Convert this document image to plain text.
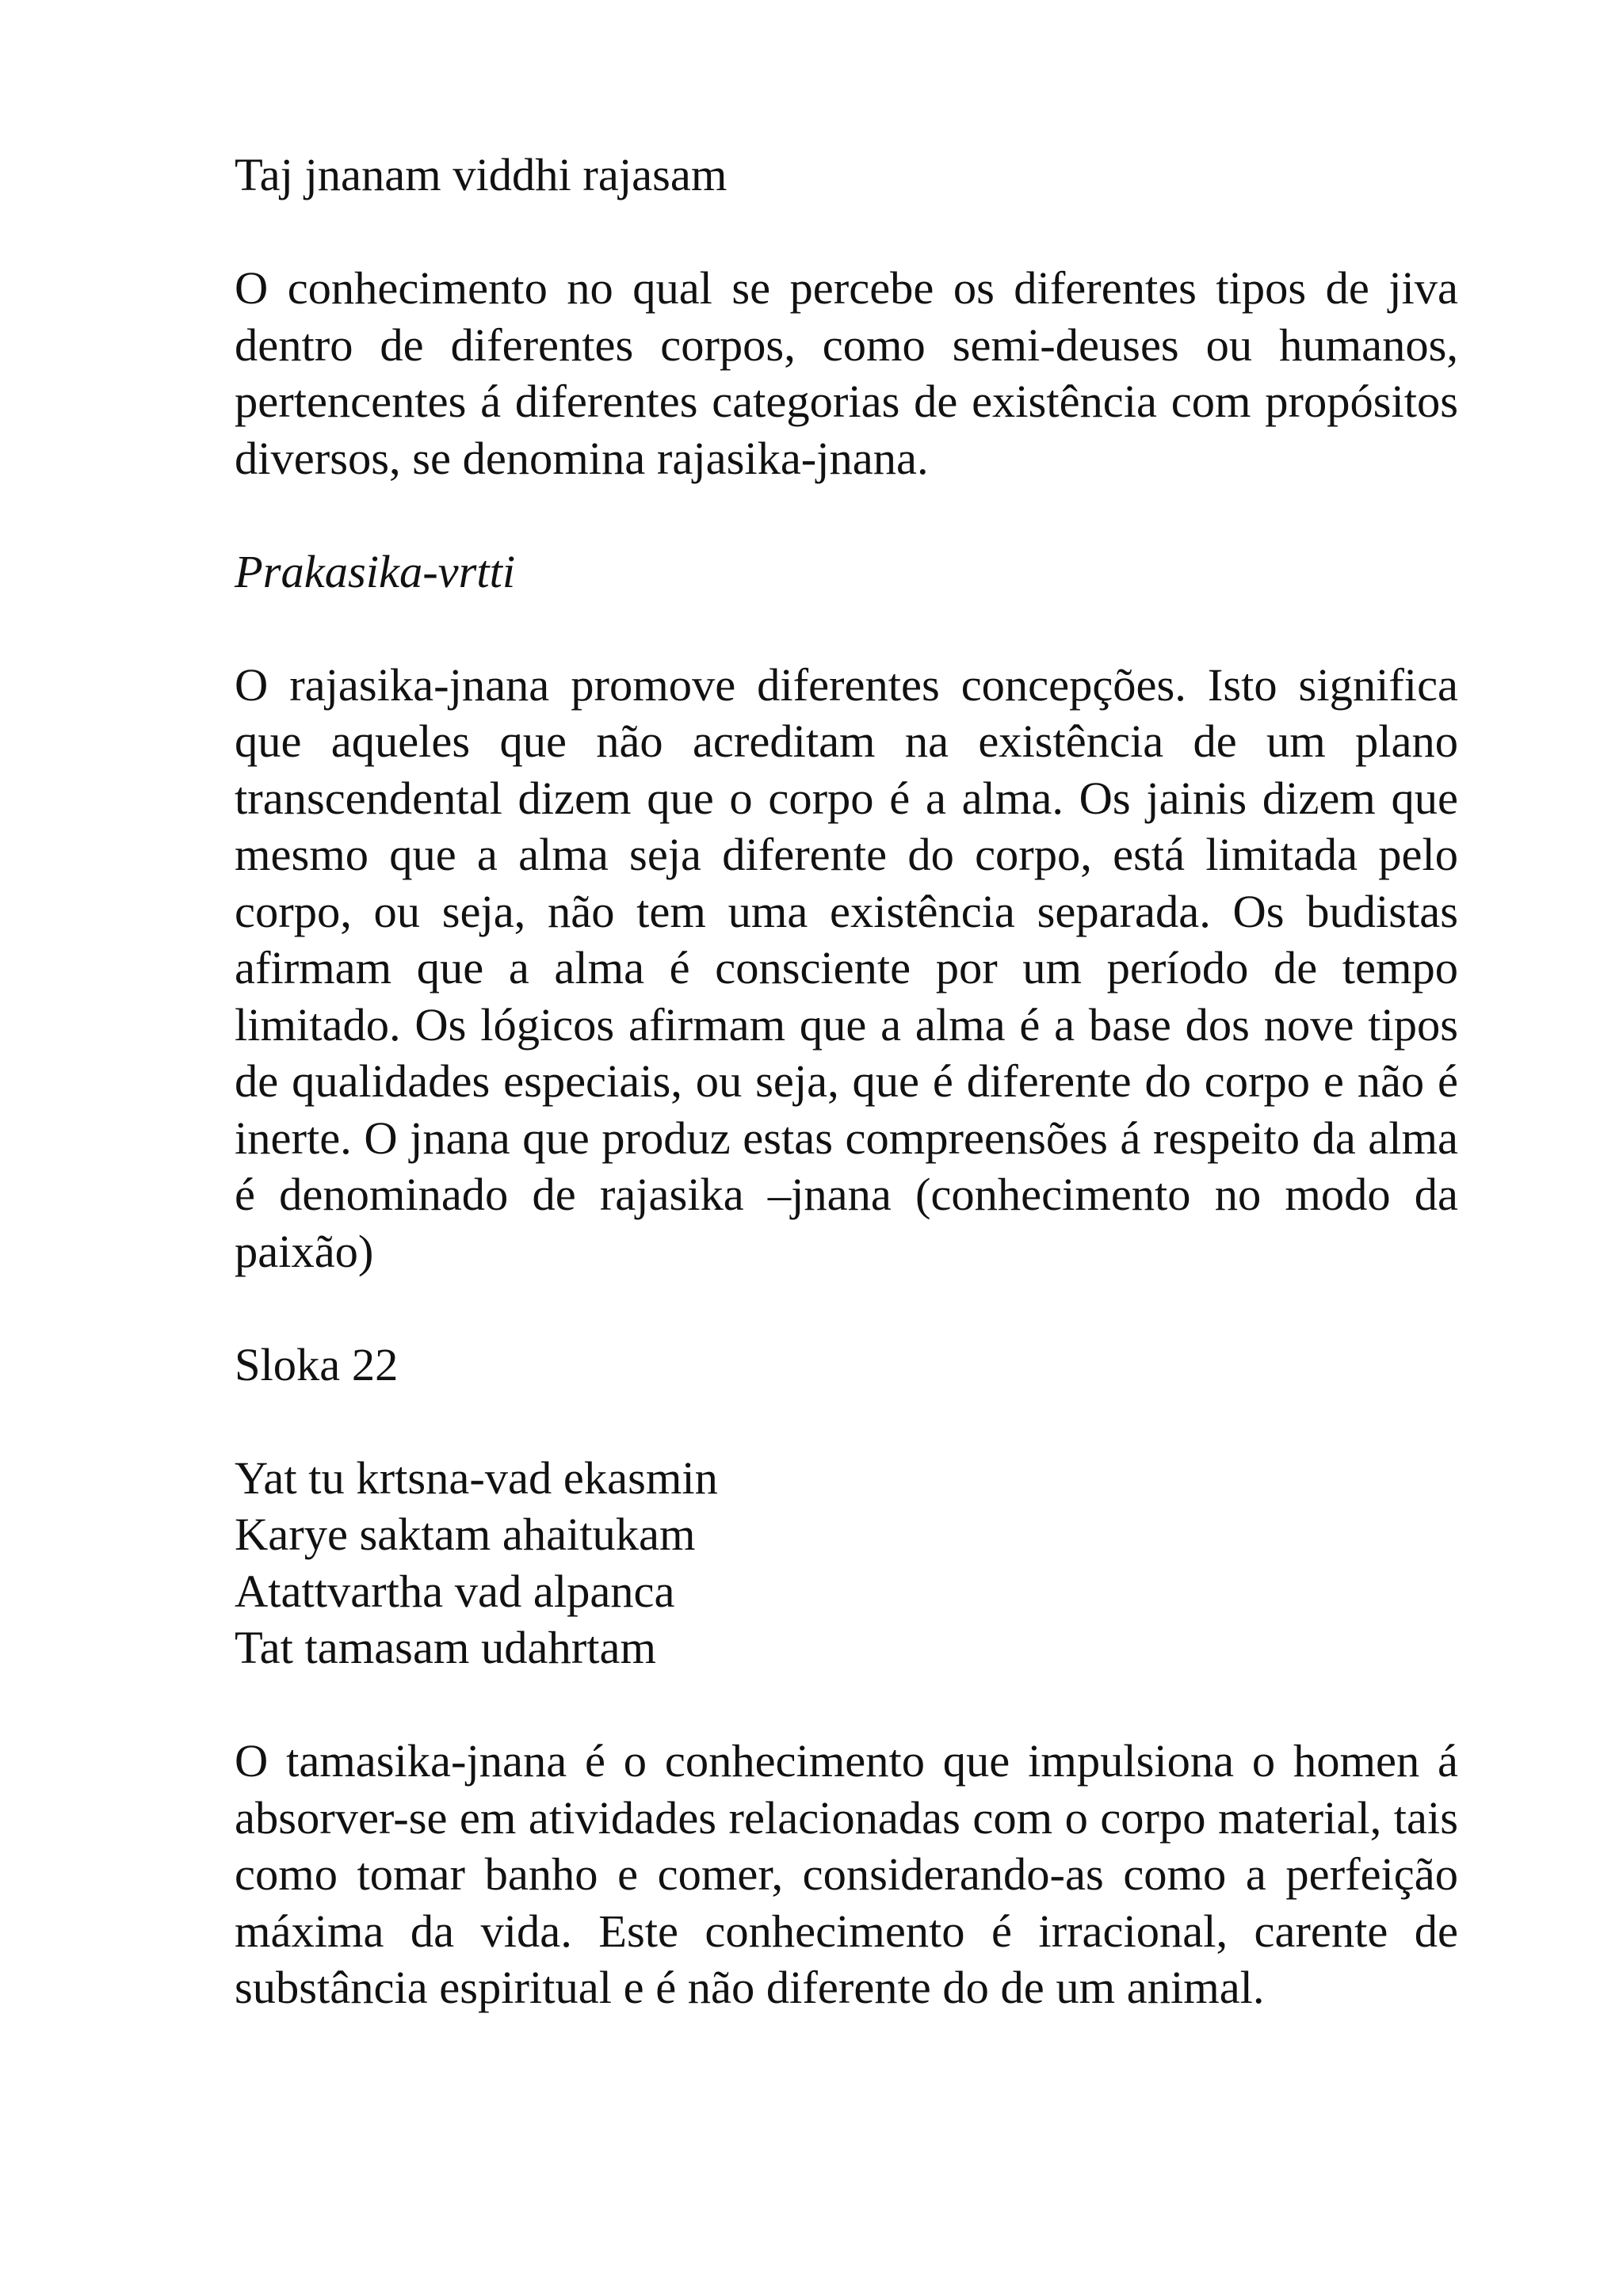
Taj jnanam viddhi rajasam

O conhecimento no qual se percebe os diferentes tipos de jiva dentro de diferentes corpos, como semi-deuses ou humanos, pertencentes á diferentes categorias de existência com propósitos diversos, se denomina rajasika-jnana.

Prakasika-vrtti

O rajasika-jnana promove diferentes concepções. Isto significa que aqueles que não acreditam na existência de um plano transcendental dizem que o corpo é a alma. Os jainis dizem que mesmo que a alma seja diferente do corpo, está limitada pelo corpo, ou seja, não tem uma existência separada. Os budistas afirmam que a alma é consciente por um período de tempo limitado. Os lógicos afirmam que a alma é a base dos nove tipos de qualidades especiais, ou seja, que é diferente do corpo e não é inerte. O jnana que produz estas compreensões á respeito da alma é denominado de rajasika –jnana (conhecimento no modo da paixão)

Sloka 22

Yat tu krtsna-vad ekasmin
Karye saktam ahaitukam
Atattvartha vad alpanca
Tat tamasam udahrtam

O tamasika-jnana é o conhecimento que impulsiona o homen á absorver-se em atividades relacionadas com o corpo material, tais como tomar banho e comer, considerando-as como a perfeição máxima da vida. Este conhecimento é irracional, carente de substância espiritual e é não diferente do de um animal.
